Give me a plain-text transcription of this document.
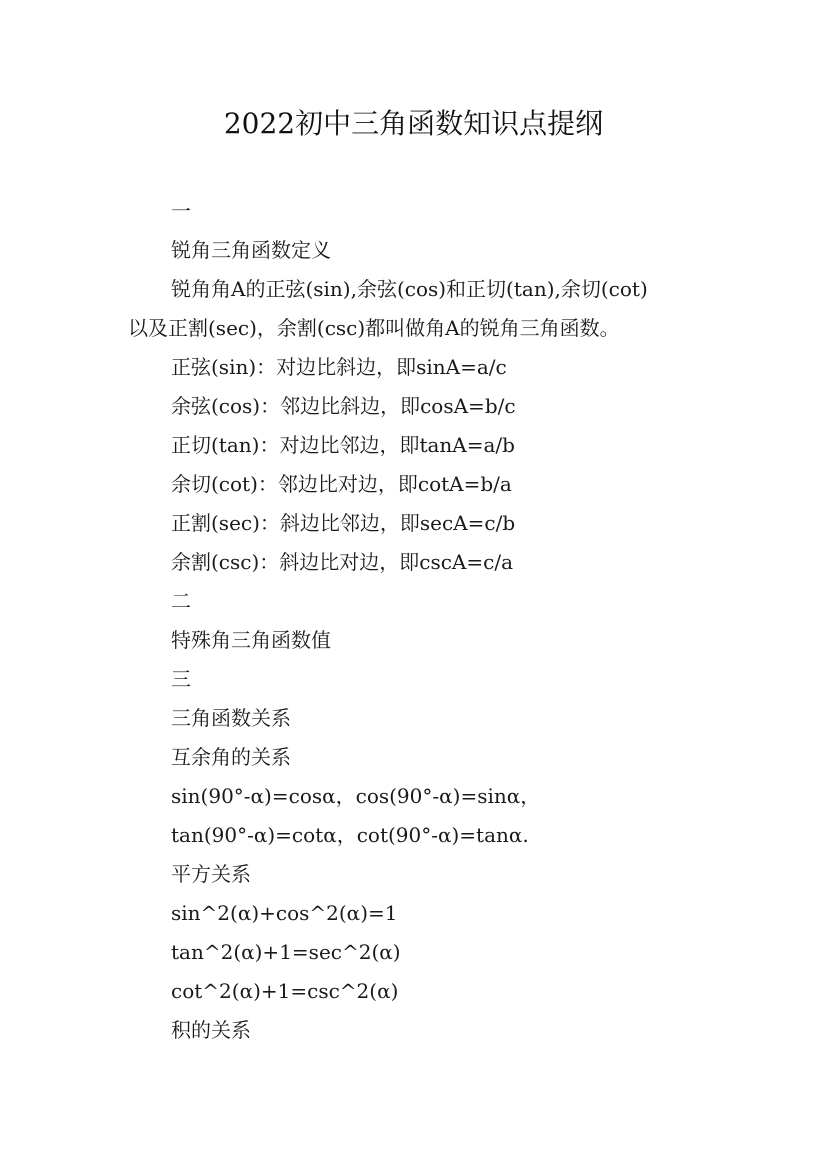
2022初中三角函数知识点提纲
一
锐角三角函数定义
锐角角A的正弦(sin),余弦(cos)和正切(tan),余切(cot)
以及正割(sec)，余割(csc)都叫做角A的锐角三角函数。
正弦(sin)：对边比斜边，即sinA=a/c
余弦(cos)：邻边比斜边，即cosA=b/c
正切(tan)：对边比邻边，即tanA=a/b
余切(cot)：邻边比对边，即cotA=b/a
正割(sec)：斜边比邻边，即secA=c/b
余割(csc)：斜边比对边，即cscA=c/a
二
特殊角三角函数值
三
三角函数关系
互余角的关系
sin(90°-α)=cosα，cos(90°-α)=sinα，
tan(90°-α)=cotα，cot(90°-α)=tanα.
平方关系
sin^2(α)+cos^2(α)=1
tan^2(α)+1=sec^2(α)
cot^2(α)+1=csc^2(α)
积的关系
